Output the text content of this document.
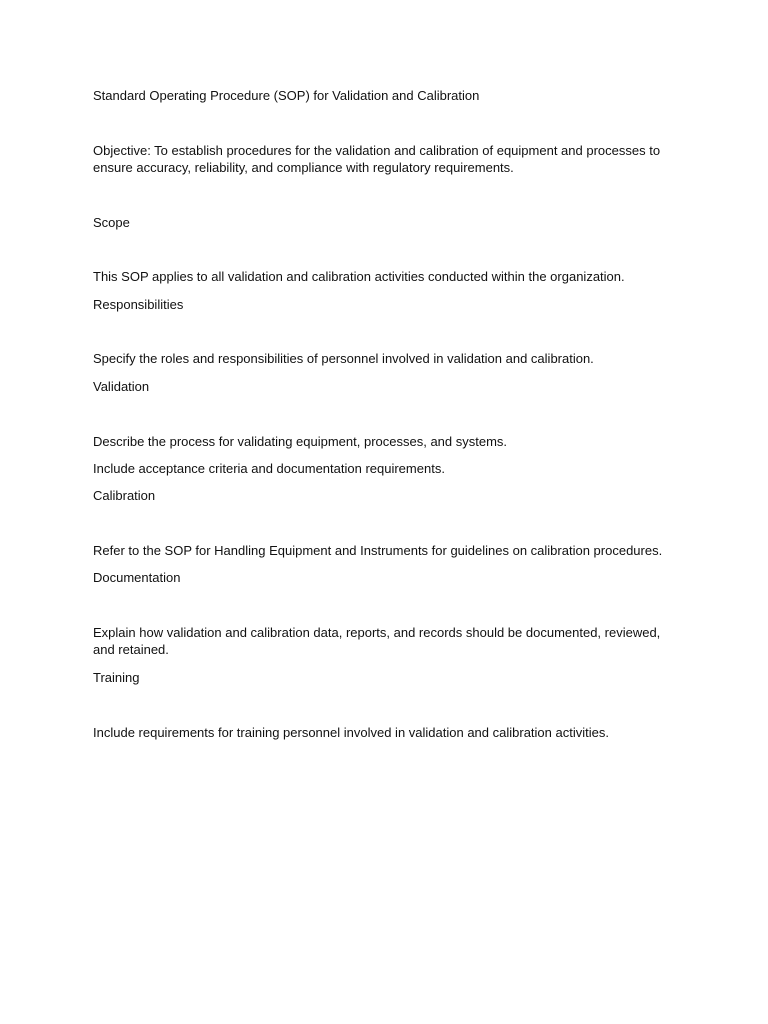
Standard Operating Procedure (SOP) for Validation and Calibration

Objective: To establish procedures for the validation and calibration of equipment and processes to ensure accuracy, reliability, and compliance with regulatory requirements.

Scope

This SOP applies to all validation and calibration activities conducted within the organization.

Responsibilities

Specify the roles and responsibilities of personnel involved in validation and calibration.

Validation

Describe the process for validating equipment, processes, and systems.

Include acceptance criteria and documentation requirements.

Calibration

Refer to the SOP for Handling Equipment and Instruments for guidelines on calibration procedures.

Documentation

Explain how validation and calibration data, reports, and records should be documented, reviewed, and retained.

Training

Include requirements for training personnel involved in validation and calibration activities.
